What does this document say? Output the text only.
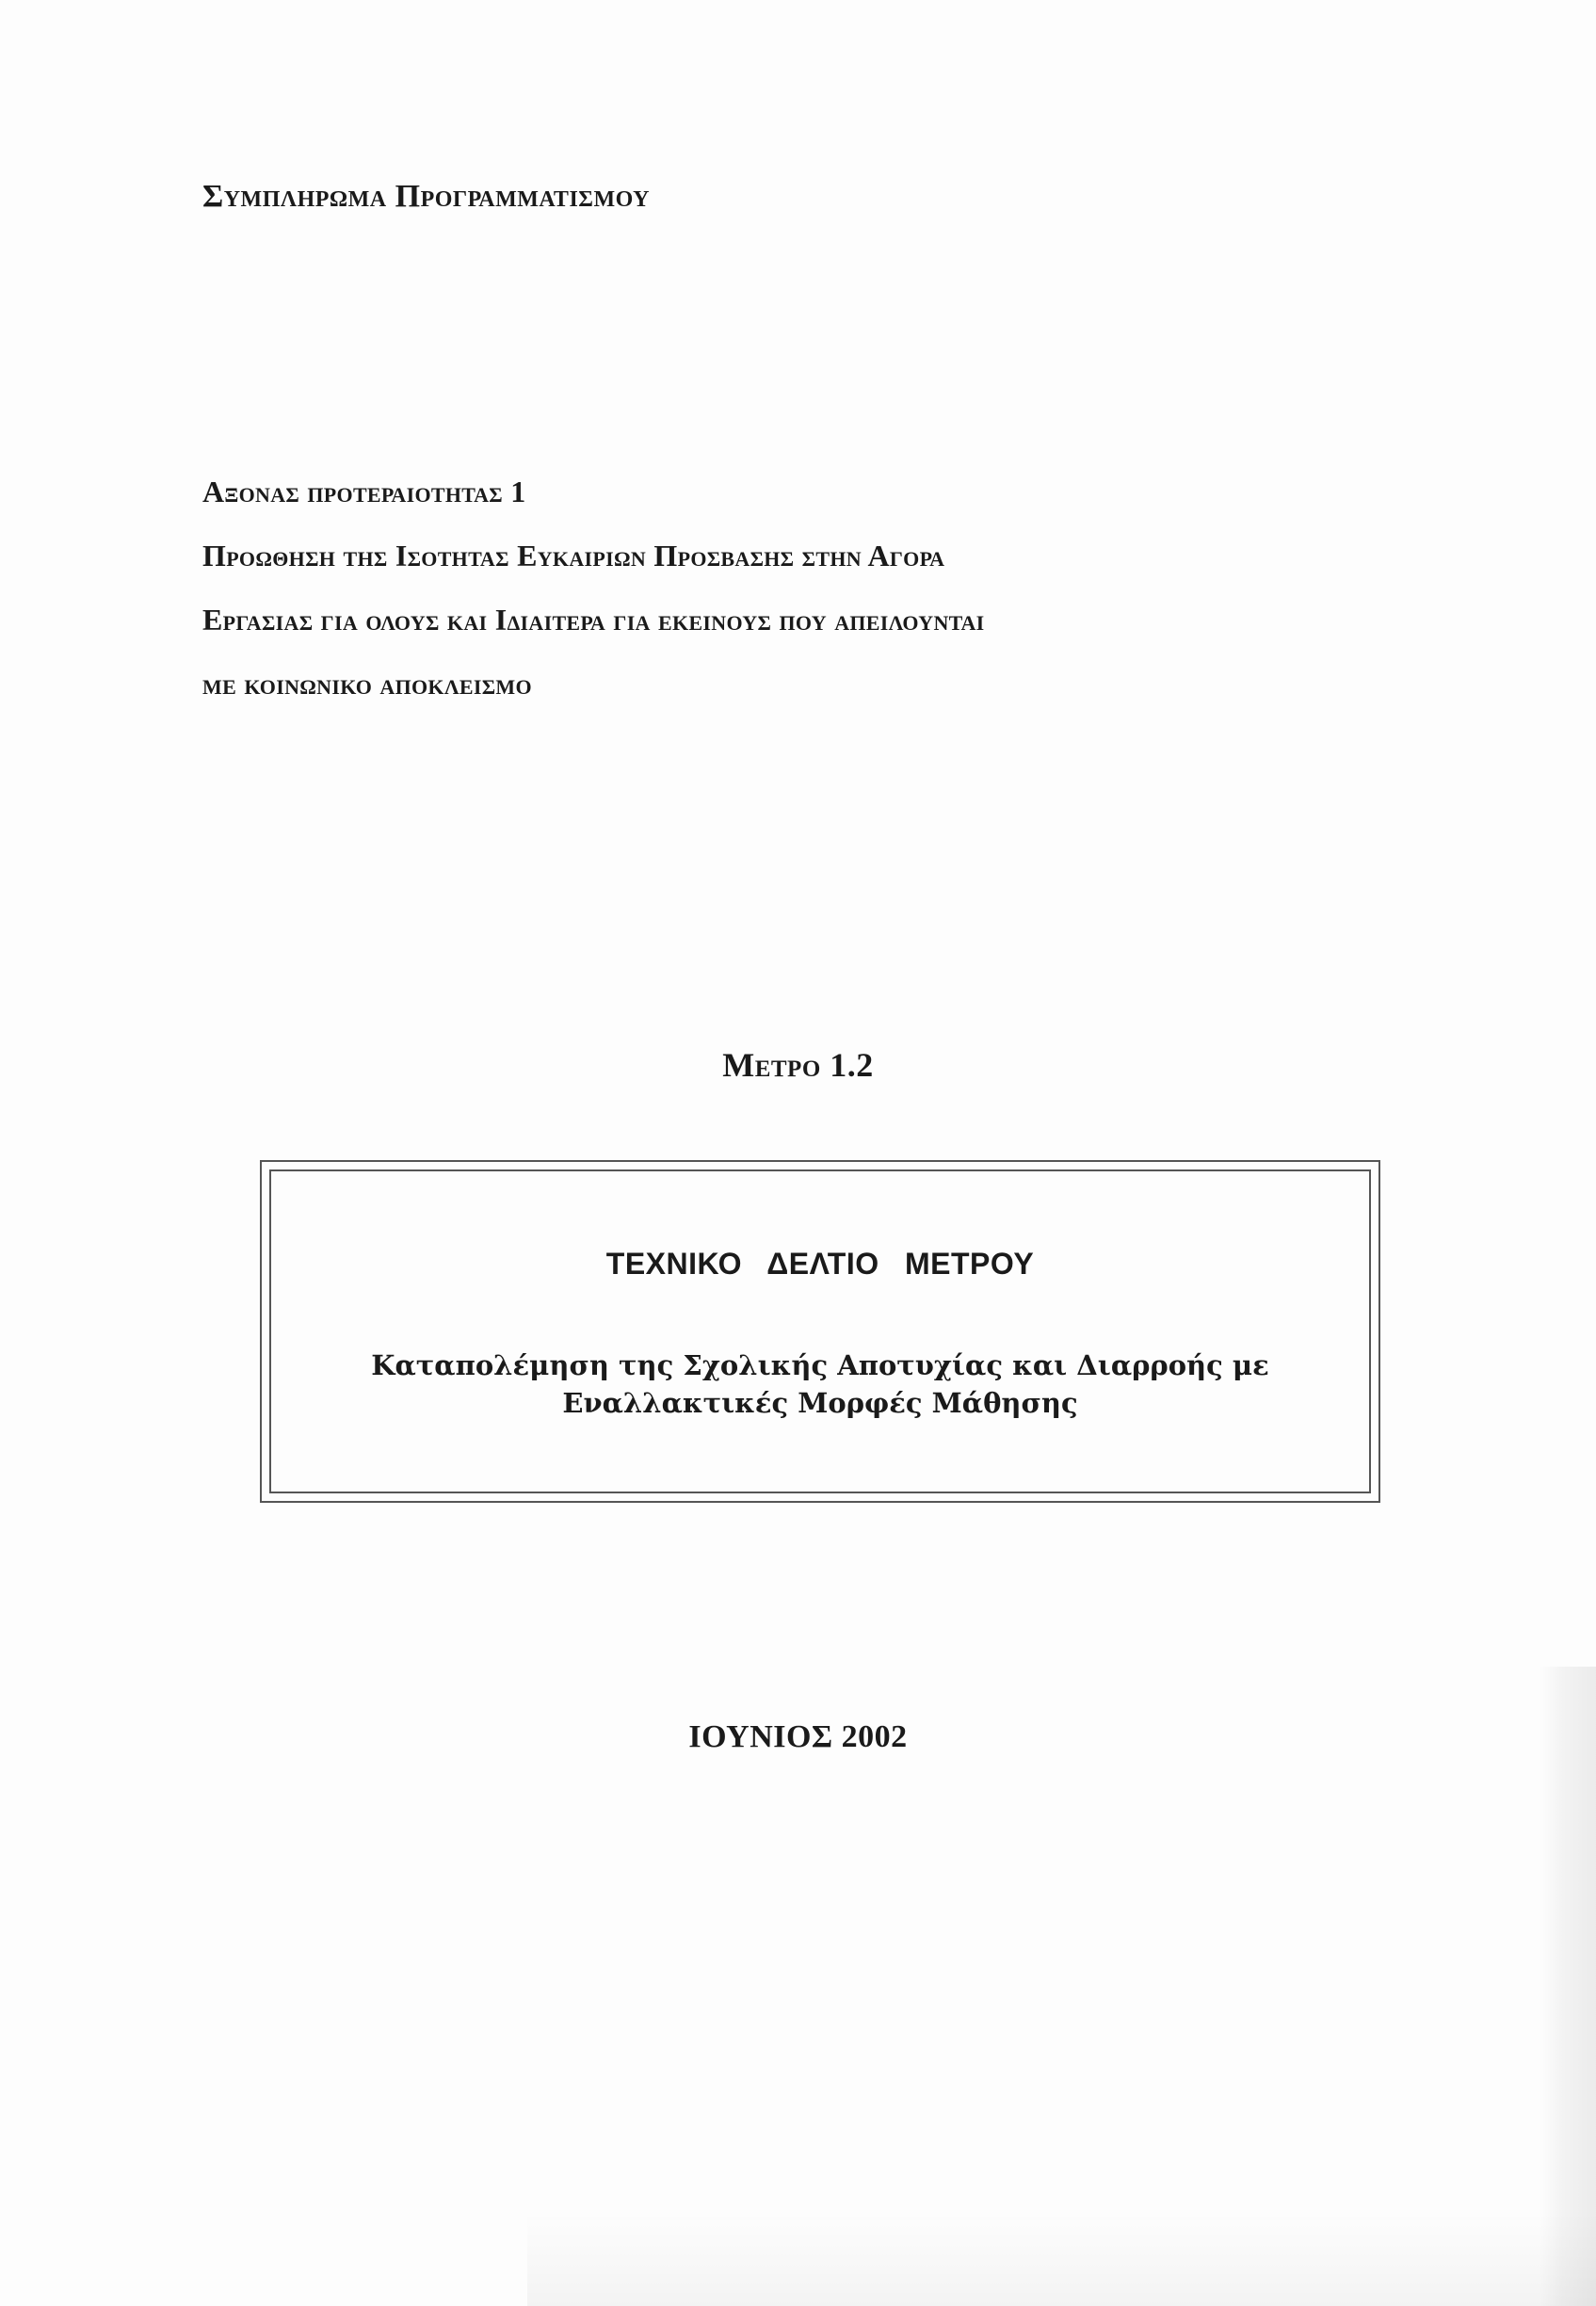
Συμπληρωμα Προγραμματισμου
Αξονας προτεραιοτητας 1
Προωθηση της Ισοτητας Ευκαιριων Προσβασης στην Αγορα
Εργασιας για ολους και Ιδιαιτερα για εκεινους που απειλουνται
με κοινωνικο αποκλεισμο
Μετρο 1.2
ΤΕΧΝΙΚΟ ΔΕΛΤΙΟ ΜΕΤΡΟΥ
Καταπολέμηση της Σχολικής Αποτυχίας και Διαρροής με
Εναλλακτικές Μορφές Μάθησης
ΙΟΥΝΙΟΣ 2002
